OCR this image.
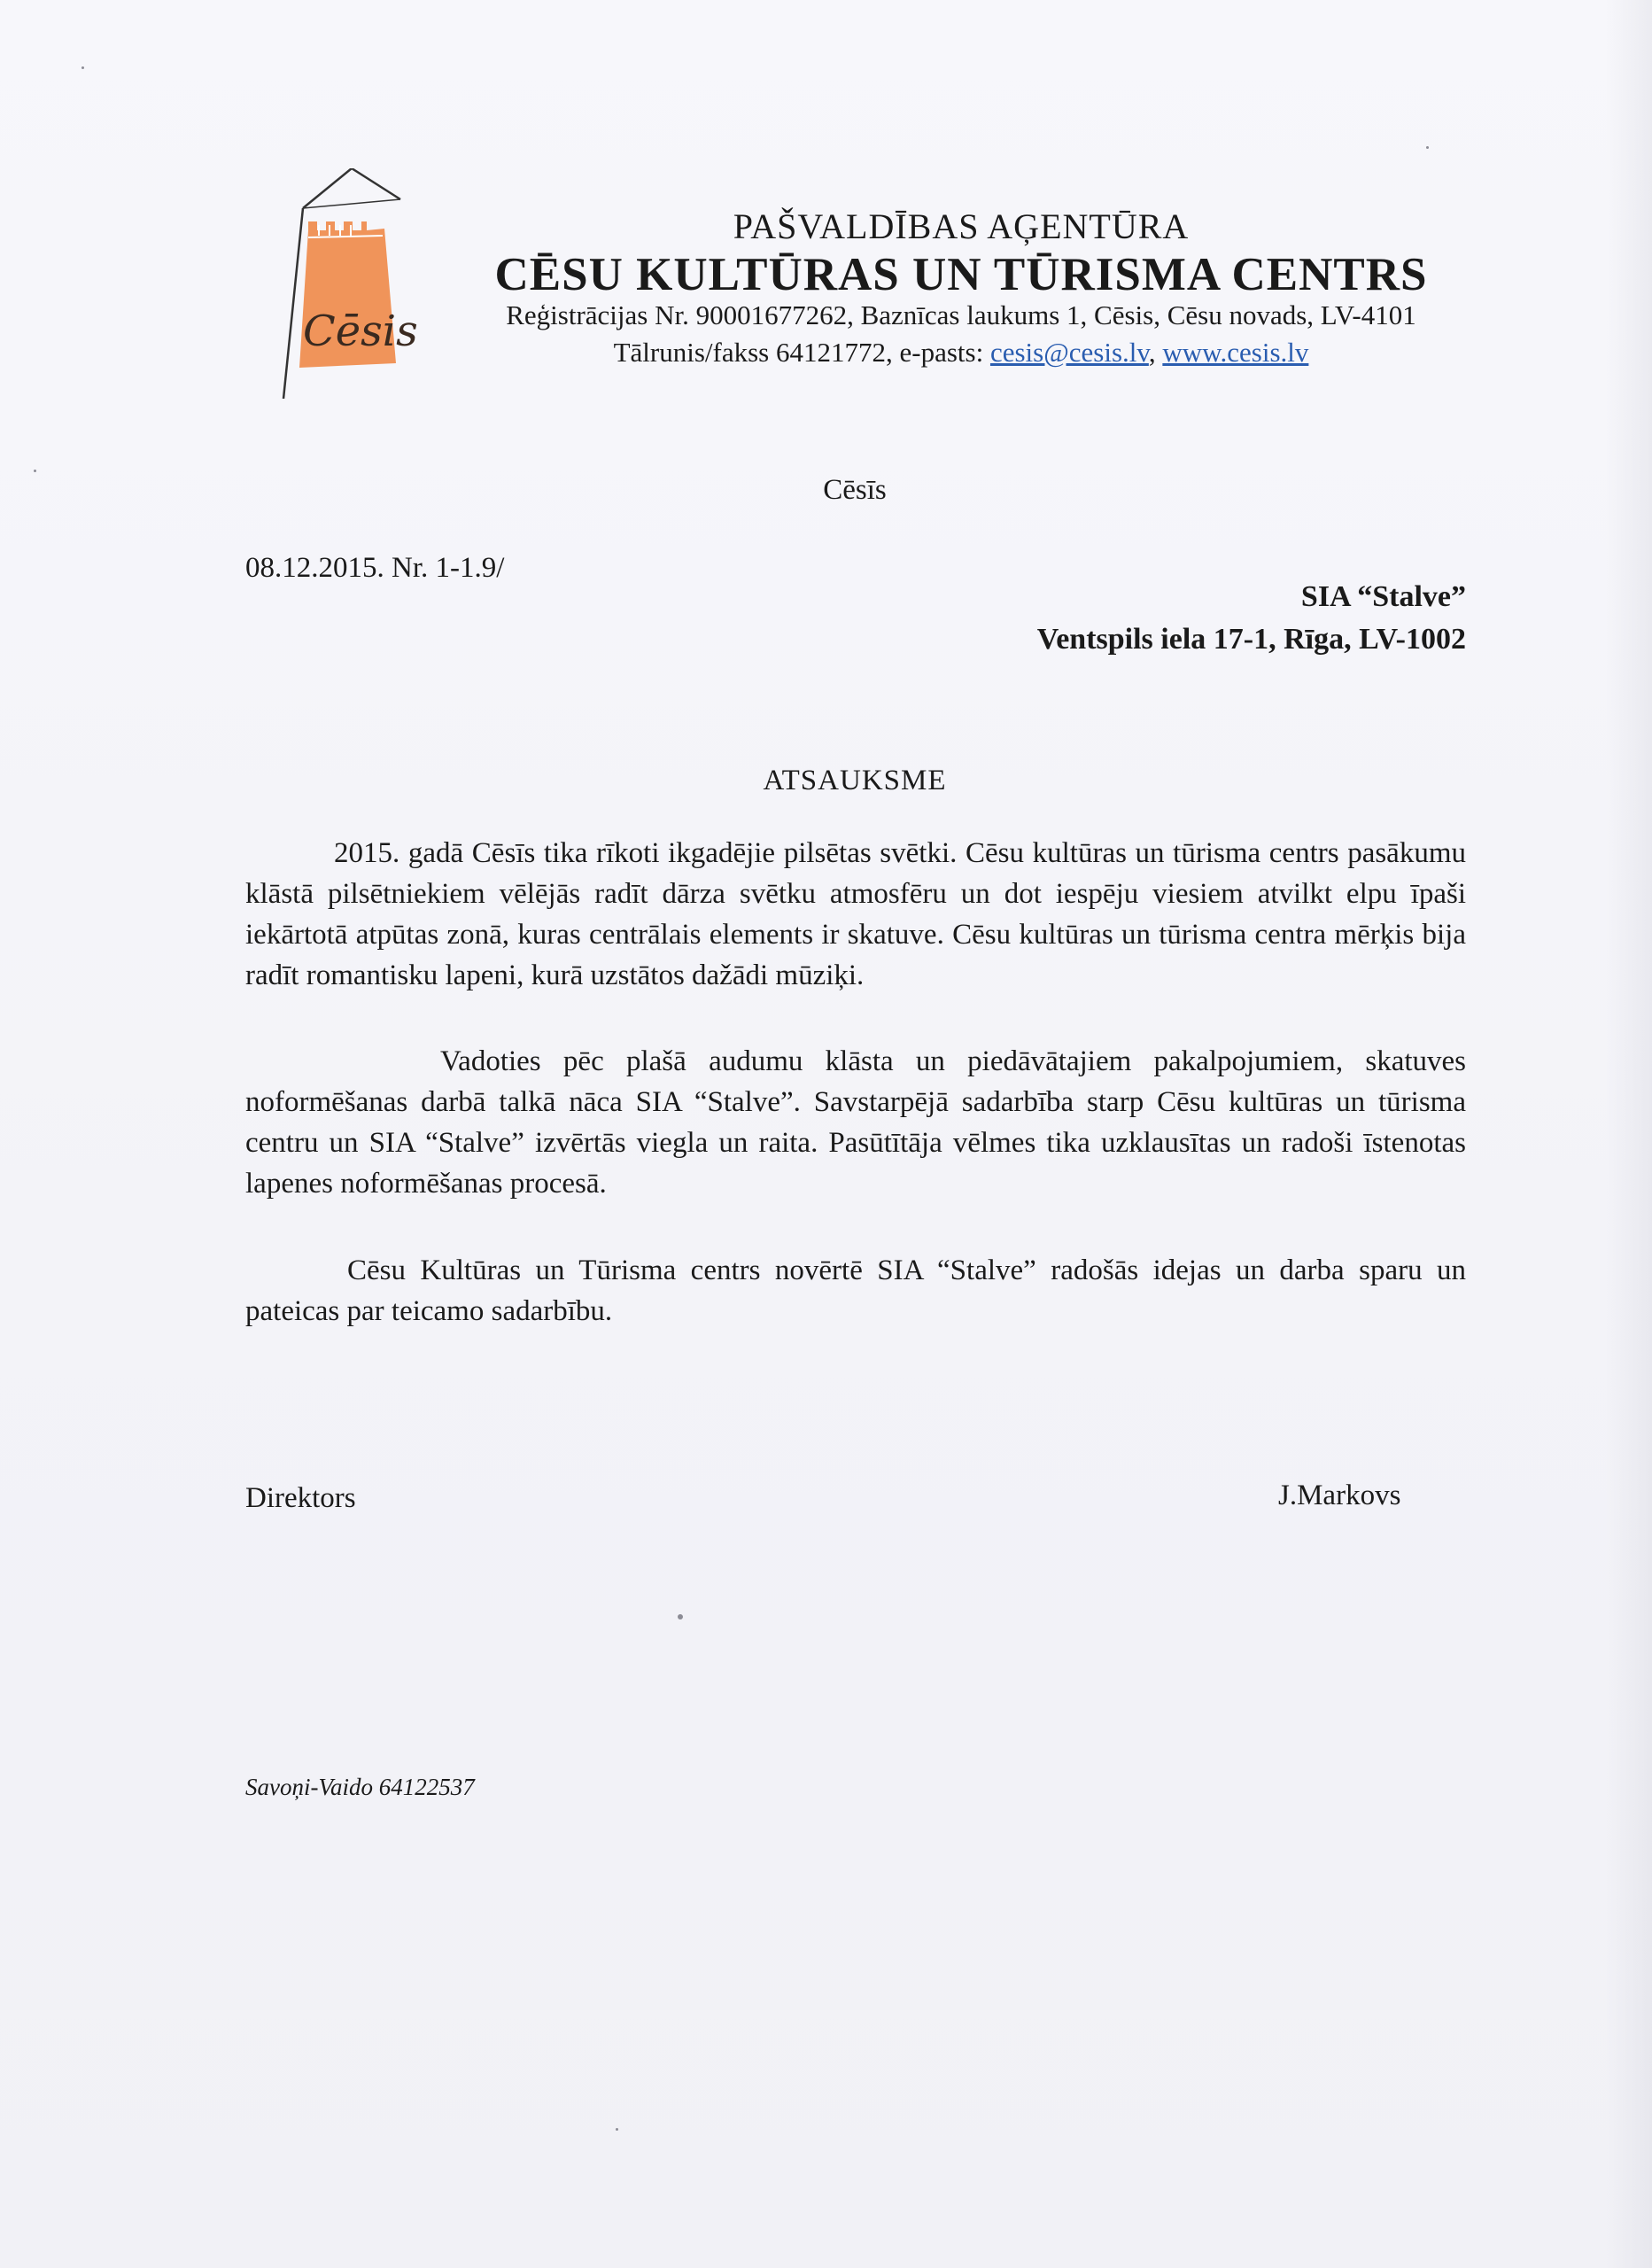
Cēsis
PAŠVALDĪBAS AĢENTŪRA
CĒSU KULTŪRAS UN TŪRISMA CENTRS
Reģistrācijas Nr. 90001677262, Baznīcas laukums 1, Cēsis, Cēsu novads, LV-4101
Tālrunis/fakss 64121772, e-pasts: cesis@cesis.lv, www.cesis.lv
Cēsīs
08.12.2015. Nr. 1-1.9/
SIA “Stalve”
Ventspils iela 17-1, Rīga, LV-1002
ATSAUKSME
2015. gadā Cēsīs tika rīkoti ikgadējie pilsētas svētki. Cēsu kultūras un tūrisma centrs pasākumu klāstā pilsētniekiem vēlējās radīt dārza svētku atmosfēru un dot iespēju viesiem atvilkt elpu īpaši iekārtotā atpūtas zonā, kuras centrālais elements ir skatuve. Cēsu kultūras un tūrisma centra mērķis bija radīt romantisku lapeni, kurā uzstātos dažādi mūziķi.
Vadoties pēc plašā audumu klāsta un piedāvātajiem pakalpojumiem, skatuves noformēšanas darbā talkā nāca SIA “Stalve”. Savstarpējā sadarbība starp Cēsu kultūras un tūrisma centru un SIA “Stalve” izvērtās viegla un raita. Pasūtītāja vēlmes tika uzklausītas un radoši īstenotas lapenes noformēšanas procesā.
Cēsu Kultūras un Tūrisma centrs novērtē SIA “Stalve” radošās idejas un darba sparu un pateicas par teicamo sadarbību.
Direktors	J.Markovs
Savoņi-Vaido 64122537
